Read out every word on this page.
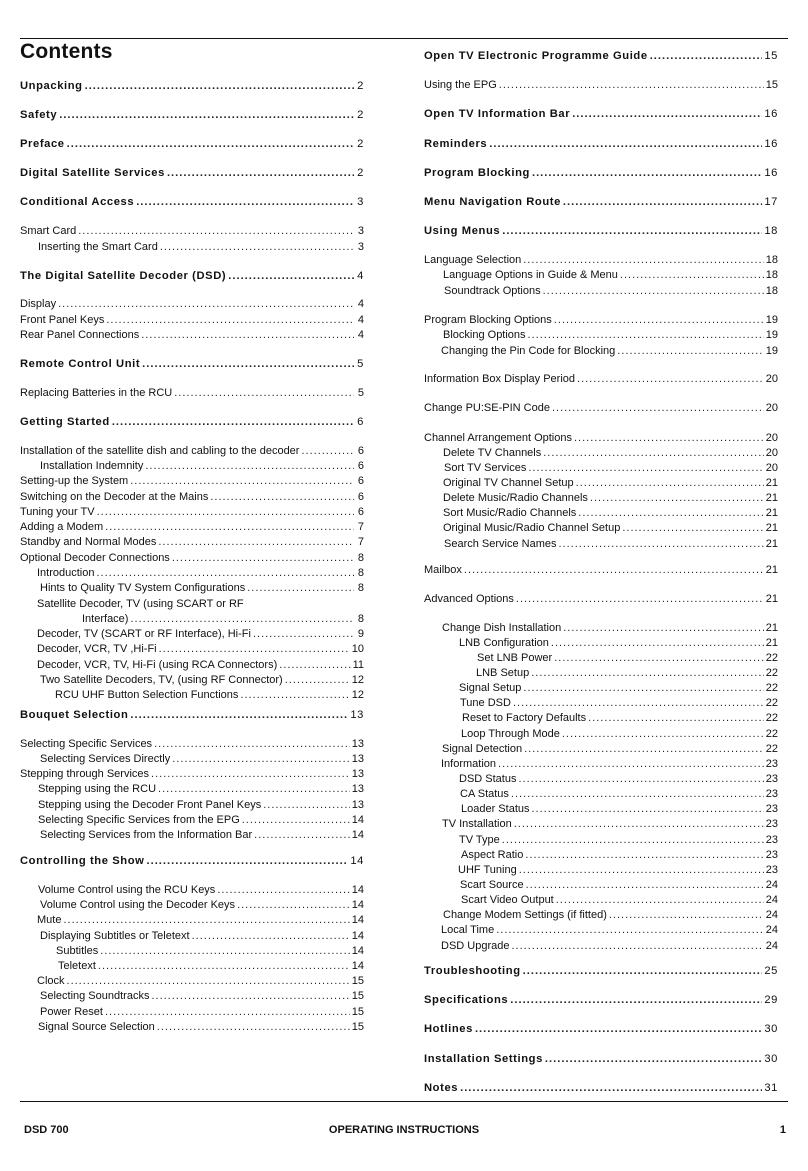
Contents
Unpacking .....	2
Safety .....	2
Preface .....	2
Digital Satellite Services .....	2
Conditional Access .....	3
Smart Card .....	3
Inserting the Smart Card .....	3
The Digital Satellite Decoder (DSD) .....	4
Display .....	4
Front Panel Keys .....	4
Rear Panel Connections .....	4
Remote Control Unit .....	5
Replacing Batteries in the RCU .....	5
Getting Started .....	6
Installation of the satellite dish and cabling to the decoder .....	6
Installation Indemnity .....	6
Setting-up the System .....	6
Switching on the Decoder at the Mains .....	6
Tuning your TV .....	6
Adding a Modem .....	7
Standby and Normal Modes .....	7
Optional Decoder Connections .....	8
Introduction .....	8
Hints to Quality TV System Configurations .....	8
Satellite Decoder, TV (using SCART or RF
Interface) .....	8
Decoder, TV (SCART or RF Interface), Hi-Fi .....	9
Decoder, VCR, TV ,Hi-Fi .....	10
Decoder, VCR, TV, Hi-Fi (using RCA Connectors) .....	11
Two Satellite Decoders, TV, (using RF Connector) .....	12
RCU UHF Button Selection Functions .....	12
Bouquet Selection .....	13
Selecting Specific Services .....	13
Selecting Services Directly .....	13
Stepping through Services .....	13
Stepping using the RCU .....	13
Stepping using the Decoder Front Panel Keys .....	13
Selecting Specific Services from the EPG .....	14
Selecting Services from the Information Bar .....	14
Controlling the Show .....	14
Volume Control using the RCU Keys .....	14
Volume Control using the Decoder Keys .....	14
Mute .....	14
Displaying Subtitles or Teletext .....	14
Subtitles .....	14
Teletext .....	14
Clock .....	15
Selecting Soundtracks .....	15
Power Reset .....	15
Signal Source Selection .....	15
Open TV Electronic Programme Guide .....	15
Using the EPG .....	15
Open TV Information Bar .....	16
Reminders .....	16
Program Blocking .....	16
Menu Navigation Route .....	17
Using Menus .....	18
Language Selection .....	18
Language Options in Guide & Menu .....	18
Soundtrack Options .....	18
Program Blocking Options .....	19
Blocking Options .....	19
Changing the Pin Code for Blocking .....	19
Information Box Display Period .....	20
Change PU:SE-PIN Code .....	20
Channel Arrangement Options .....	20
Delete TV Channels .....	20
Sort TV Services .....	20
Original TV Channel Setup .....	21
Delete Music/Radio Channels .....	21
Sort Music/Radio Channels .....	21
Original Music/Radio Channel Setup .....	21
Search Service Names .....	21
Mailbox .....	21
Advanced Options .....	21
Change Dish Installation .....	21
LNB Configuration .....	21
Set LNB Power .....	22
LNB Setup .....	22
Signal Setup .....	22
Tune DSD .....	22
Reset to Factory Defaults .....	22
Loop Through Mode .....	22
Signal Detection .....	22
Information .....	23
DSD Status .....	23
CA Status .....	23
Loader Status .....	23
TV Installation .....	23
TV Type .....	23
Aspect Ratio .....	23
UHF Tuning .....	23
Scart Source .....	24
Scart Video Output .....	24
Change Modem Settings (if fitted) .....	24
Local Time .....	24
DSD Upgrade .....	24
Troubleshooting .....	25
Specifications .....	29
Hotlines .....	30
Installation Settings .....	30
Notes .....	31
DSD 700	OPERATING INSTRUCTIONS	1
